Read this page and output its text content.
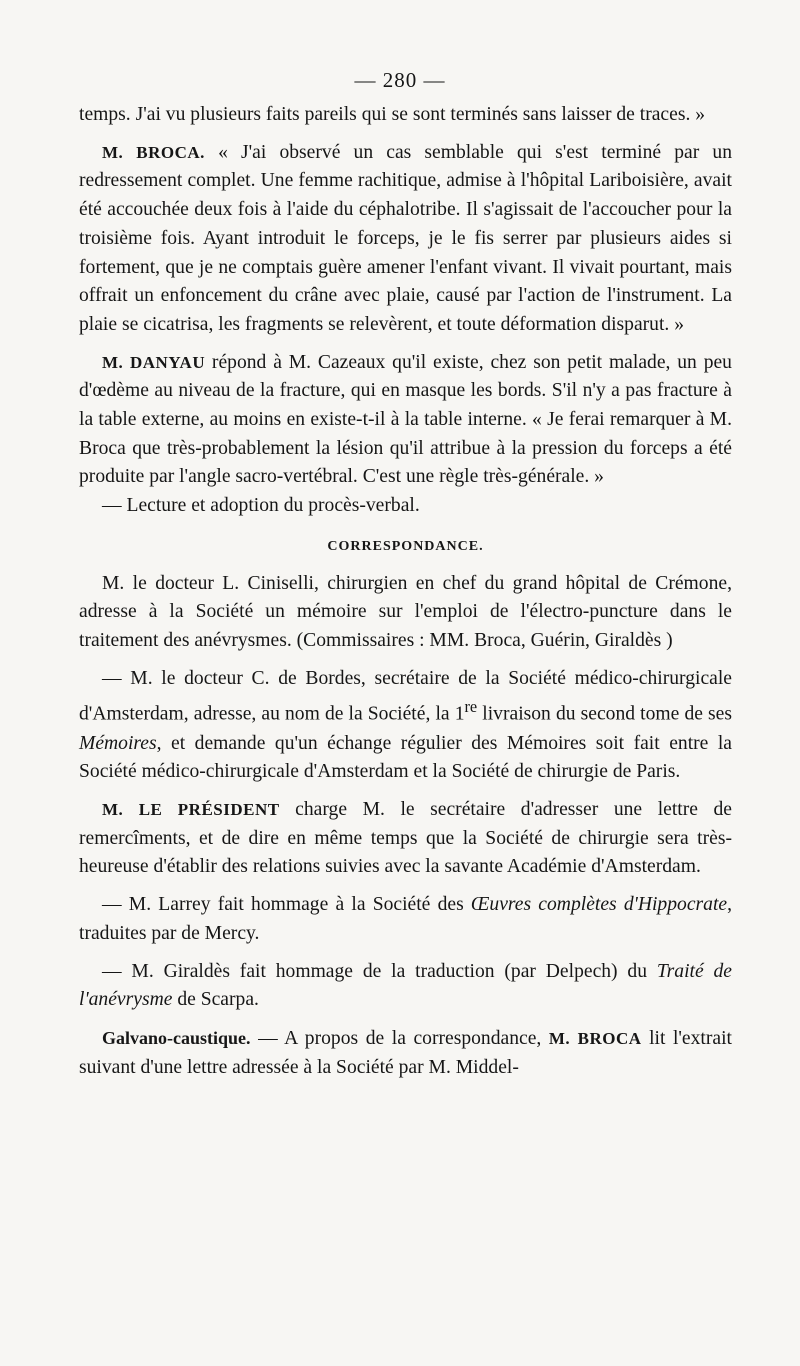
— 280 —

temps. J'ai vu plusieurs faits pareils qui se sont terminés sans laisser de traces. »

M. BROCA. « J'ai observé un cas semblable qui s'est terminé par un redressement complet. Une femme rachitique, admise à l'hôpital Lariboisière, avait été accouchée deux fois à l'aide du céphalotribe. Il s'agissait de l'accoucher pour la troisième fois. Ayant introduit le forceps, je le fis serrer par plusieurs aides si fortement, que je ne comptais guère amener l'enfant vivant. Il vivait pourtant, mais offrait un enfoncement du crâne avec plaie, causé par l'action de l'instrument. La plaie se cicatrisa, les fragments se relevèrent, et toute déformation disparut. »

M. DANYAU répond à M. Cazeaux qu'il existe, chez son petit malade, un peu d'œdème au niveau de la fracture, qui en masque les bords. S'il n'y a pas fracture à la table externe, au moins en existe-t-il à la table interne. « Je ferai remarquer à M. Broca que très-probablement la lésion qu'il attribue à la pression du forceps a été produite par l'angle sacro-vertébral. C'est une règle très-générale. »

— Lecture et adoption du procès-verbal.

CORRESPONDANCE.

M. le docteur L. Ciniselli, chirurgien en chef du grand hôpital de Crémone, adresse à la Société un mémoire sur l'emploi de l'électro-puncture dans le traitement des anévrysmes. (Commissaires : MM. Broca, Guérin, Giraldès )

— M. le docteur C. de Bordes, secrétaire de la Société médico-chirurgicale d'Amsterdam, adresse, au nom de la Société, la 1re livraison du second tome de ses Mémoires, et demande qu'un échange régulier des Mémoires soit fait entre la Société médico-chirurgicale d'Amsterdam et la Société de chirurgie de Paris.

M. LE PRÉSIDENT charge M. le secrétaire d'adresser une lettre de remercîments, et de dire en même temps que la Société de chirurgie sera très-heureuse d'établir des relations suivies avec la savante Académie d'Amsterdam.

— M. Larrey fait hommage à la Société des Œuvres complètes d'Hippocrate, traduites par de Mercy.

— M. Giraldès fait hommage de la traduction (par Delpech) du Traité de l'anévrysme de Scarpa.

Galvano-caustique. — A propos de la correspondance, M. BROCA lit l'extrait suivant d'une lettre adressée à la Société par M. Middel-
